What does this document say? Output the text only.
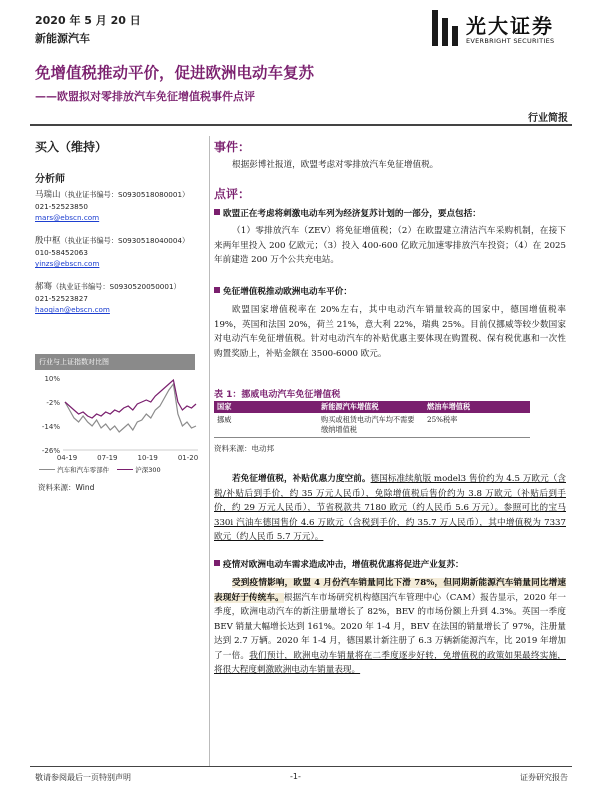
2020 年 5 月 20 日
新能源汽车
光大证券
EVERBRIGHT SECURITIES
免增值税推动平价，促进欧洲电动车复苏
——欧盟拟对零排放汽车免征增值税事件点评
行业简报
买入（维持）
分析师
马瑞山（执业证书编号：S0930518080001）
021-52523850
mars@ebscn.com
殷中枢（执业证书编号：S0930518040004）
010-58452063
yinzs@ebscn.com
郝骞（执业证书编号：S0930520050001）
021-52523827
haoqian@ebscn.com
行业与上证指数对比图
10%
-2%
-14%
-26%
04-19	07-19	10-19	01-20
汽车和汽车零部件	沪深300
资料来源：Wind
事件：
根据彭博社报道，欧盟考虑对零排放汽车免征增值税。
点评：
欧盟正在考虑将刺激电动车列为经济复苏计划的一部分，要点包括：
（1）零排放汽车（ZEV）将免征增值税；（2）在欧盟建立清洁汽车采购机制，在接下来两年里投入 200 亿欧元；（3）投入 400-600 亿欧元加速零排放汽车投资；（4）在 2025 年前建造 200 万个公共充电站。
免征增值税推动欧洲电动车平价：
欧盟国家增值税率在 20%左右，其中电动汽车销量较高的国家中，德国增值税率 19%，英国和法国 20%，荷兰 21%，意大利 22%，瑞典 25%。目前仅挪威等较少数国家对电动汽车免征增值税。针对电动汽车的补贴优惠主要体现在购置税、保有税优惠和一次性购置奖励上，补贴金额在 3500-6000 欧元。
表 1：挪威电动汽车免征增值税
国家	新能源汽车增值税	燃油车增值税
挪威	购买或租赁电动汽车均不需要缴纳增值税	25%税率
资料来源：电动邦
若免征增值税，补贴优惠力度空前。德国标准续航版 model3 售价约为 4.5 万欧元（含税/补贴后到手价，约 35 万元人民币），免除增值税后售价约为 3.8 万欧元（补贴后到手价，约 29 万元人民币），节省税款共 7180 欧元（约人民币 5.6 万元）。参照可比的宝马 330i 汽油车德国售价 4.6 万欧元（含税到手价，约 35.7 万人民币），其中增值税为 7337 欧元（约人民币 5.7 万元）。
疫情对欧洲电动车需求造成冲击，增值税优惠将促进产业复苏：
受到疫情影响，欧盟 4 月份汽车销量同比下滑 78%，但同期新能源汽车销量同比增速表现好于传统车。根据汽车市场研究机构德国汽车管理中心（CAM）报告显示，2020 年一季度，欧洲电动汽车的新注册量增长了 82%，BEV 的市场份额上升到 4.3%。英国一季度 BEV 销量大幅增长达到 161%。2020 年 1-4 月，BEV 在法国的销量增长了 97%，注册量达到 2.7 万辆。2020 年 1-4 月，德国累计新注册了 6.3 万辆新能源汽车，比 2019 年增加了一倍。我们预计，欧洲电动车销量将在二季度逐步好转，免增值税的政策如果最终实施，将很大程度刺激欧洲电动车销量表现。
敬请参阅最后一页特别声明	-1-	证券研究报告
